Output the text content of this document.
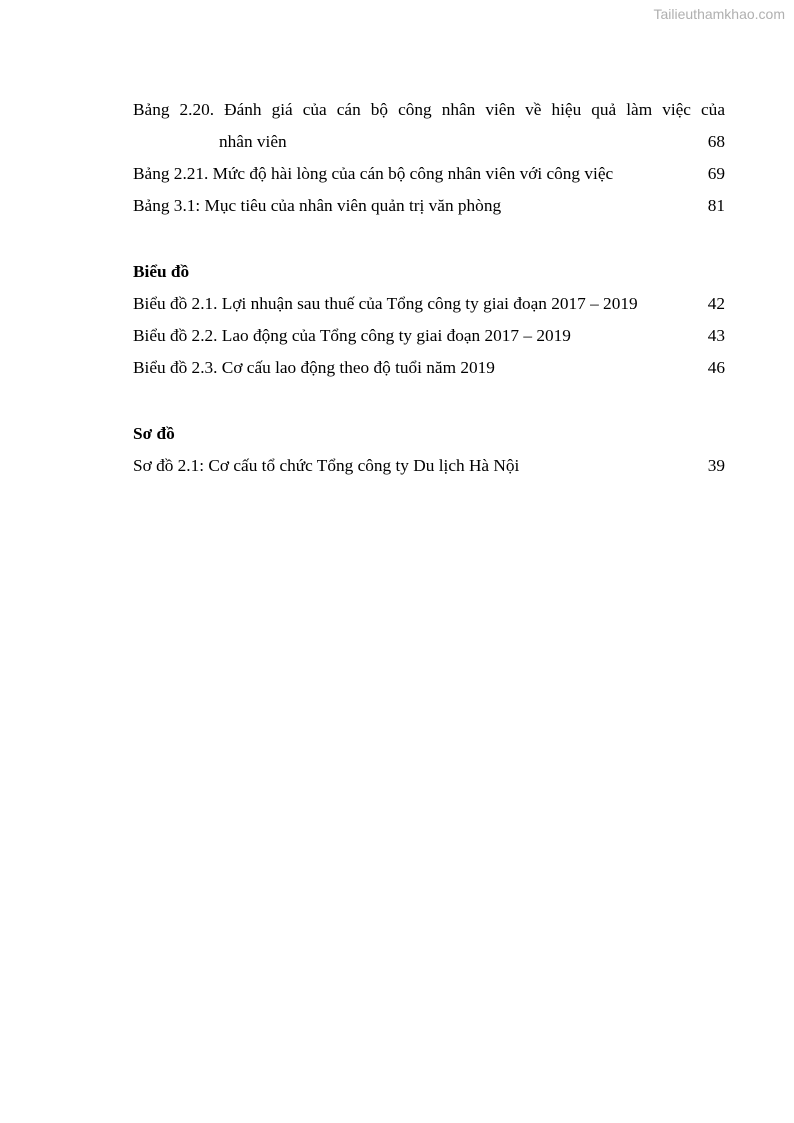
Tailieuthamkhao.com
Bảng 2.20. Đánh giá của cán bộ công nhân viên về hiệu quả làm việc của
nhân viên	68
Bảng 2.21. Mức độ hài lòng của cán bộ công nhân viên với công việc	69
Bảng 3.1: Mục tiêu của nhân viên quản trị văn phòng	81
Biểu đồ
Biểu đồ 2.1. Lợi nhuận sau thuế của Tổng công ty giai đoạn 2017 – 2019	42
Biểu đồ 2.2. Lao động của Tổng công ty giai đoạn 2017 – 2019	43
Biểu đồ 2.3. Cơ cấu lao động theo độ tuổi năm 2019	46
Sơ đồ
Sơ đồ 2.1: Cơ cấu tổ chức Tổng công ty Du lịch Hà Nội	39
